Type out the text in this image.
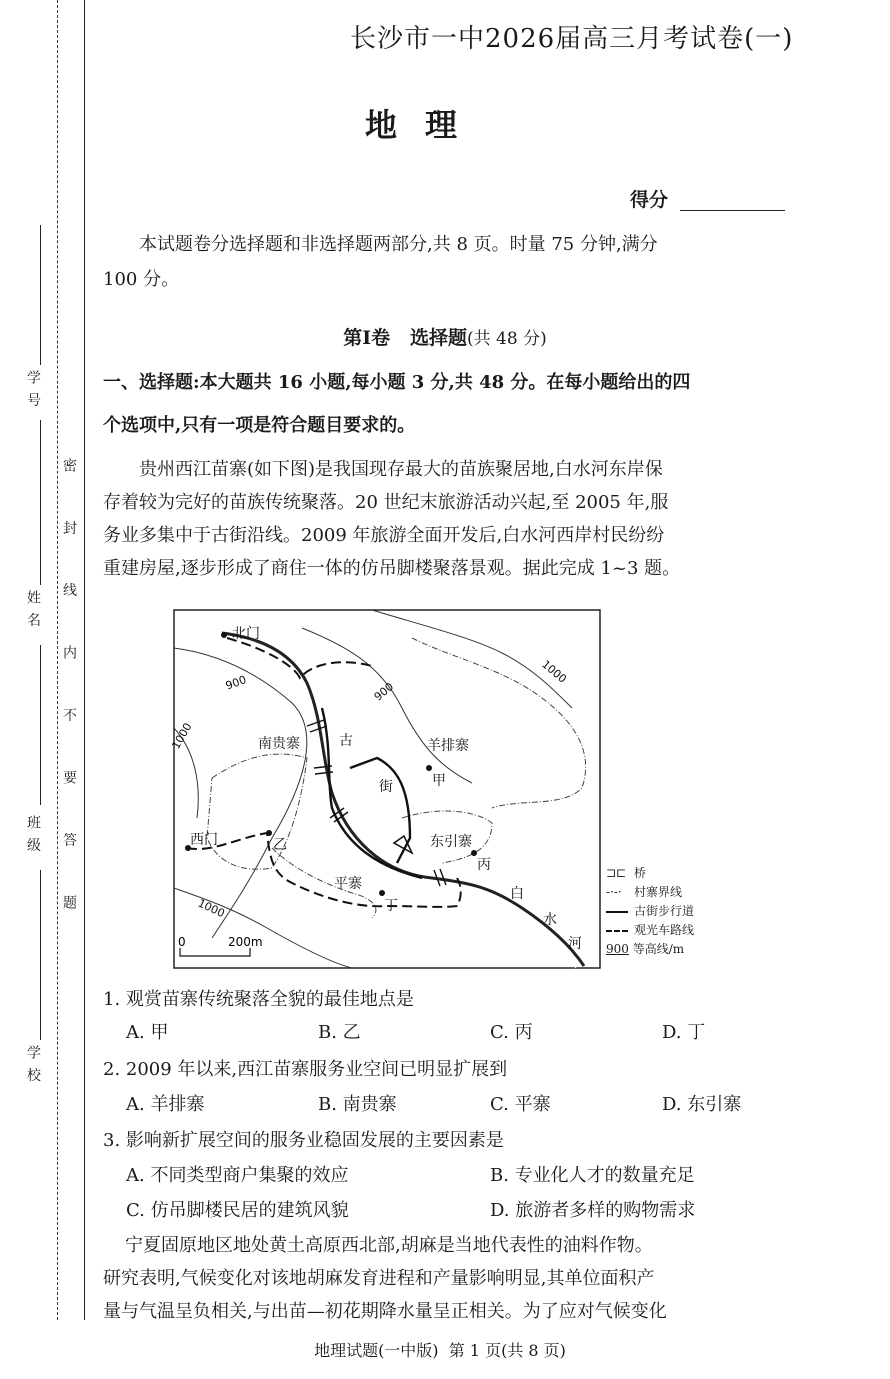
学 号
姓 名
班 级
学 校
密 封 线 内 不 要 答 题
长沙市一中2026届高三月考试卷(一)
地理
得分
本试题卷分选择题和非选择题两部分,共 8 页。时量 75 分钟,满分
100 分。
第Ⅰ卷 选择题(共 48 分)
一、选择题:本大题共 16 小题,每小题 3 分,共 48 分。在每小题给出的四
个选项中,只有一项是符合题目要求的。
贵州西江苗寨(如下图)是我国现存最大的苗族聚居地,白水河东岸保
存着较为完好的苗族传统聚落。20 世纪末旅游活动兴起,至 2005 年,服
务业多集中于古街沿线。2009 年旅游全面开发后,白水河西岸村民纷纷
重建房屋,逐步形成了商住一体的仿吊脚楼聚落景观。据此完成 1~3 题。
北门
西门
南贵寨	羊排寨
东引寨
平寨
甲
乙
丙
丁
古
街
白
水
河
900
1000
900
1000
1000
0	200m
⊐⊏ 桥
-·-· 村寨界线
古街步行道
观光车路线
900 等高线/m
1. 观赏苗寨传统聚落全貌的最佳地点是
A. 甲	B. 乙	C. 丙	D. 丁
2. 2009 年以来,西江苗寨服务业空间已明显扩展到
A. 羊排寨	B. 南贵寨	C. 平寨	D. 东引寨
3. 影响新扩展空间的服务业稳固发展的主要因素是
A. 不同类型商户集聚的效应	B. 专业化人才的数量充足
C. 仿吊脚楼民居的建筑风貌	D. 旅游者多样的购物需求
宁夏固原地区地处黄土高原西北部,胡麻是当地代表性的油料作物。
研究表明,气候变化对该地胡麻发育进程和产量影响明显,其单位面积产
量与气温呈负相关,与出苗—初花期降水量呈正相关。为了应对气候变化
地理试题(一中版)  第 1 页(共 8 页)
